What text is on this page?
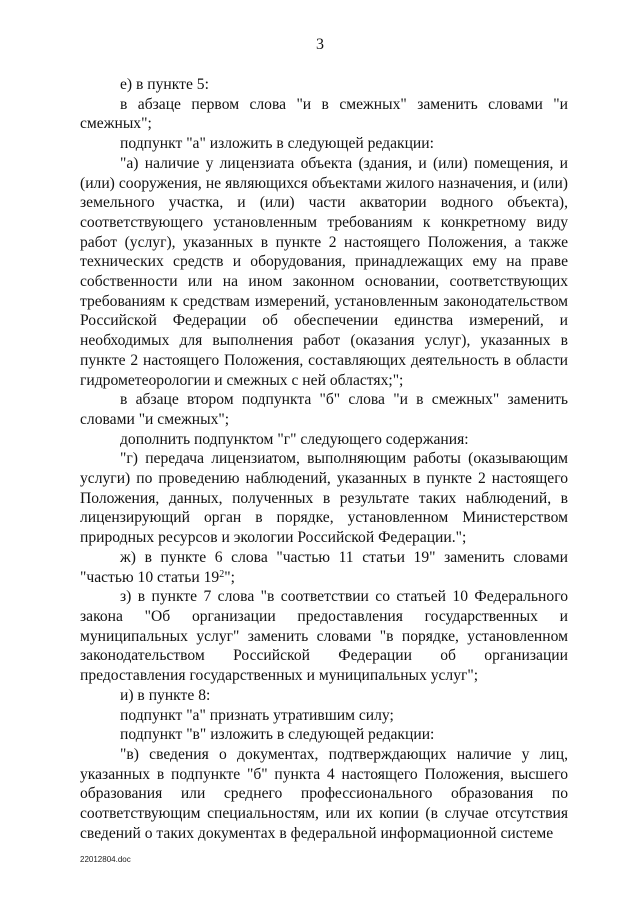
3

е) в пункте 5:

в абзаце первом слова "и в смежных" заменить словами "и смежных";

подпункт "а" изложить в следующей редакции:

"а) наличие у лицензиата объекта (здания, и (или) помещения, и (или) сооружения, не являющихся объектами жилого назначения, и (или) земельного участка, и (или) части акватории водного объекта), соответствующего установленным требованиям к конкретному виду работ (услуг), указанных в пункте 2 настоящего Положения, а также технических средств и оборудования, принадлежащих ему на праве собственности или на ином законном основании, соответствующих требованиям к средствам измерений, установленным законодательством Российской Федерации об обеспечении единства измерений, и необходимых для выполнения работ (оказания услуг), указанных в пункте 2 настоящего Положения, составляющих деятельность в области гидрометеорологии и смежных с ней областях;";

в абзаце втором подпункта "б" слова "и в смежных" заменить словами "и смежных";

дополнить подпунктом "г" следующего содержания:

"г) передача лицензиатом, выполняющим работы (оказывающим услуги) по проведению наблюдений, указанных в пункте 2 настоящего Положения, данных, полученных в результате таких наблюдений, в лицензирующий орган в порядке, установленном Министерством природных ресурсов и экологии Российской Федерации.";

ж) в пункте 6 слова "частью 11 статьи 19" заменить словами "частью 10 статьи $19^2$";

з) в пункте 7 слова "в соответствии со статьей 10 Федерального закона "Об организации предоставления государственных и муниципальных услуг" заменить словами "в порядке, установленном законодательством Российской Федерации об организации предоставления государственных и муниципальных услуг";

и) в пункте 8:

подпункт "а" признать утратившим силу;

подпункт "в" изложить в следующей редакции:

"в) сведения о документах, подтверждающих наличие у лиц, указанных в подпункте "б" пункта 4 настоящего Положения, высшего образования или среднего профессионального образования по соответствующим специальностям, или их копии (в случае отсутствия сведений о таких документах в федеральной информационной системе

22012804.doc
